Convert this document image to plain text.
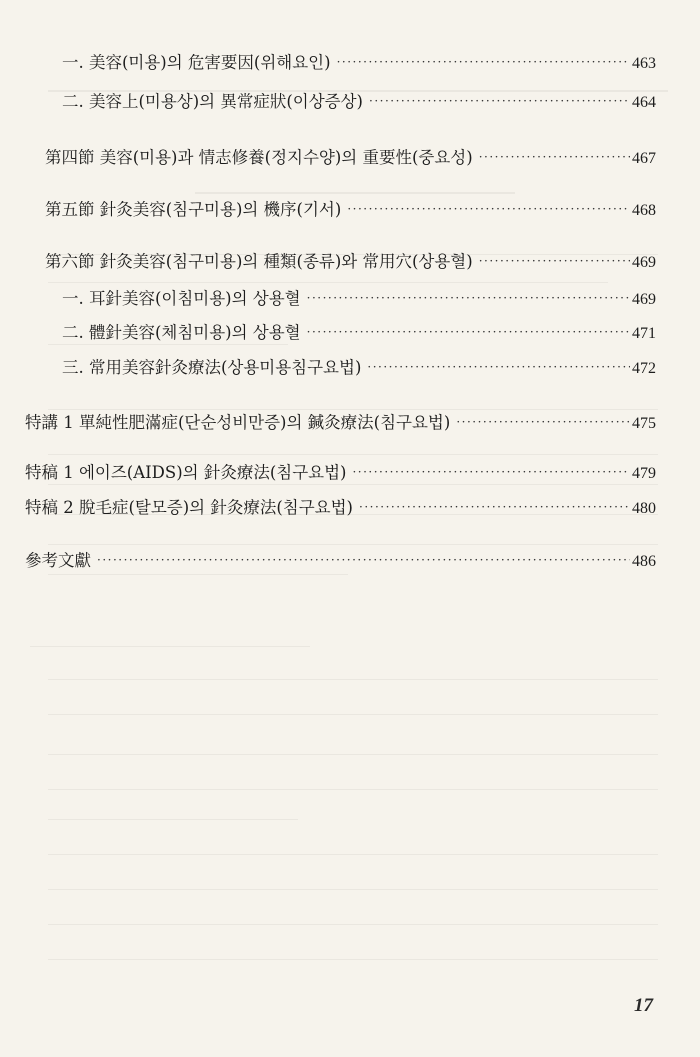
一. 美容(미용)의 危害要因(위해요인) ·····	463
二. 美容上(미용상)의 異常症狀(이상증상) ·····	464
第四節 美容(미용)과 情志修養(정지수양)의 重要性(중요성) ·····	467
第五節 針灸美容(침구미용)의 機序(기서) ·····	468
第六節 針灸美容(침구미용)의 種類(종류)와 常用穴(상용혈) ·····	469
一. 耳針美容(이침미용)의 상용혈 ·····	469
二. 體針美容(체침미용)의 상용혈 ·····	471
三. 常用美容針灸療法(상용미용침구요법) ·····	472
特講 1 單純性肥滿症(단순성비만증)의 鍼灸療法(침구요법) ·····	475
特稿 1 에이즈(AIDS)의 針灸療法(침구요법) ·····	479
特稿 2 脫毛症(탈모증)의 針灸療法(침구요법) ·····	480
參考文獻 ·····	486
17
